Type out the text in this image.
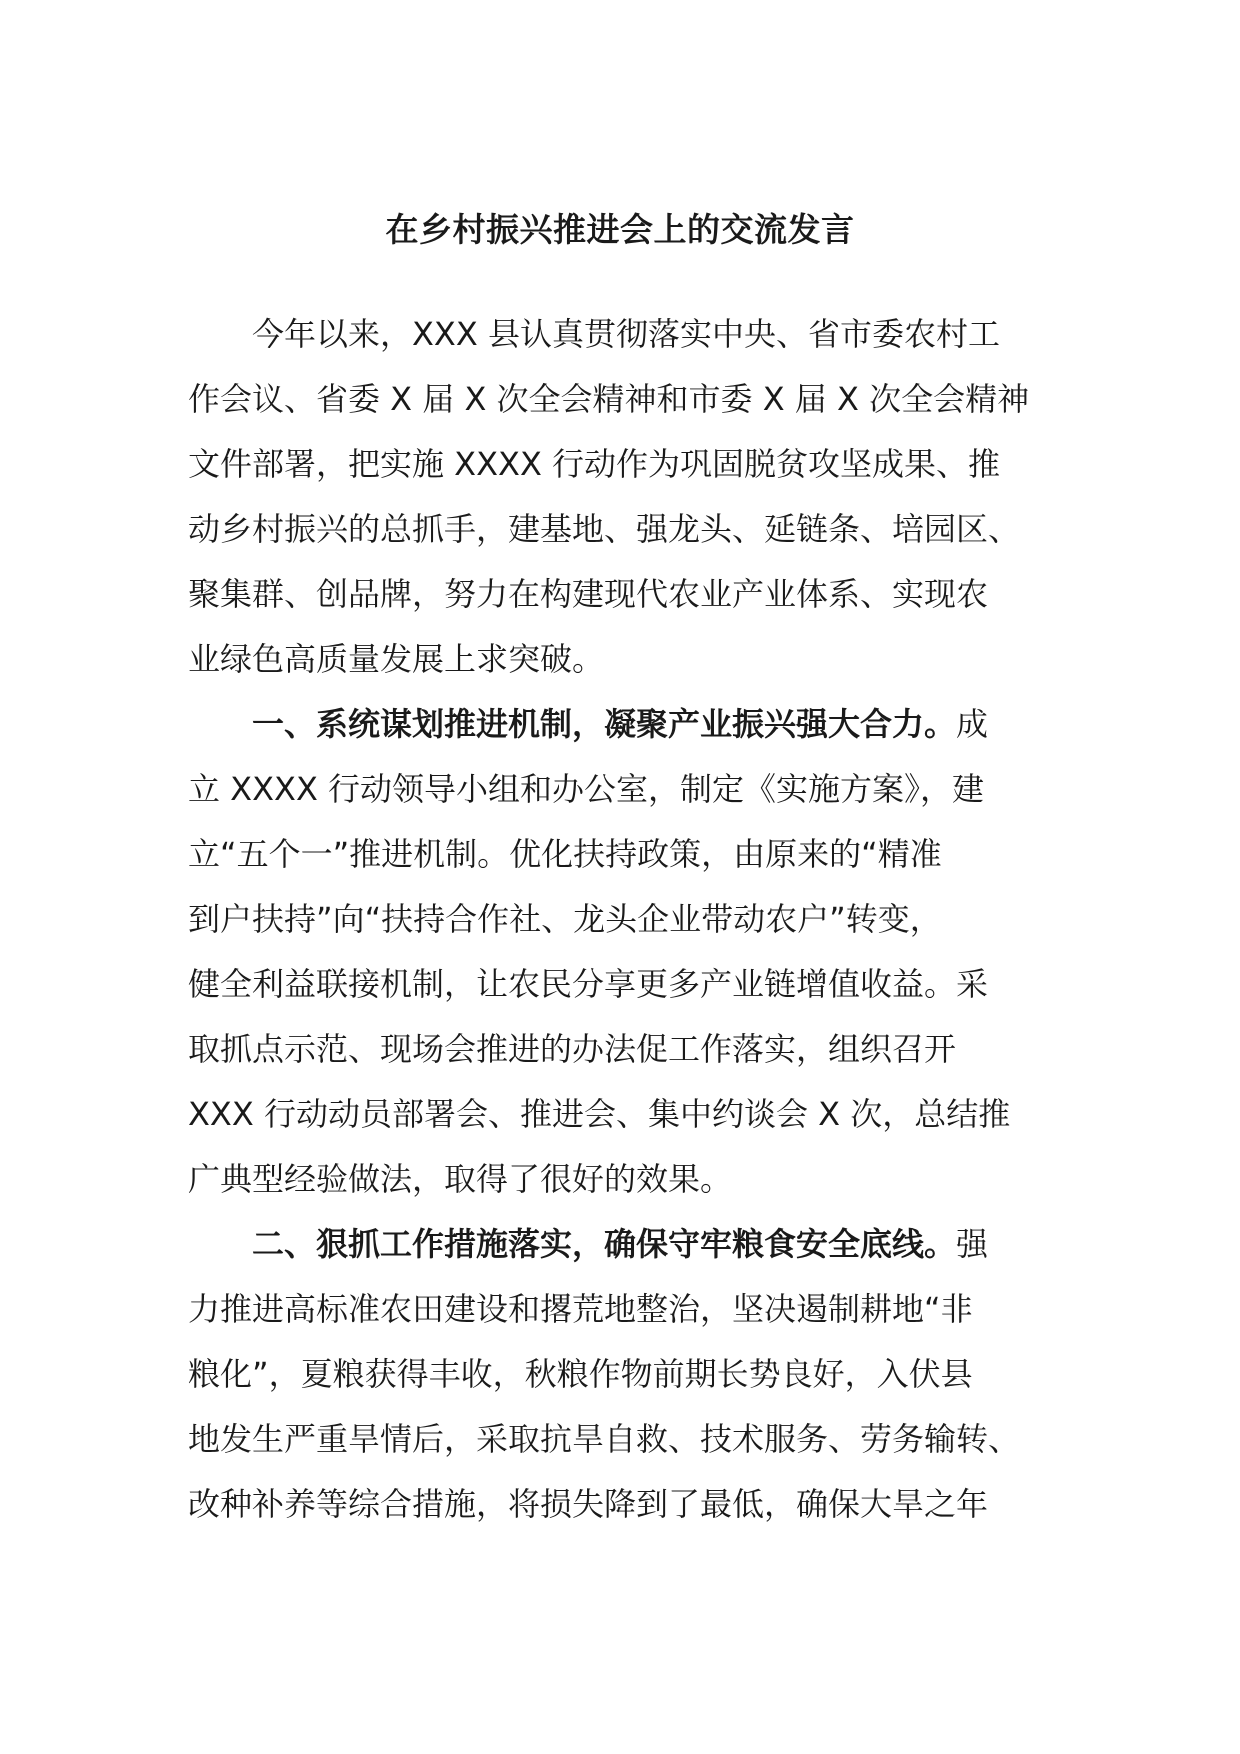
在乡村振兴推进会上的交流发言

今年以来，XXX 县认真贯彻落实中央、省市委农村工
作会议、省委 X 届 X 次全会精神和市委 X 届 X 次全会精神
文件部署，把实施 XXXX 行动作为巩固脱贫攻坚成果、推
动乡村振兴的总抓手，建基地、强龙头、延链条、培园区、
聚集群、创品牌，努力在构建现代农业产业体系、实现农
业绿色高质量发展上求突破。

一、系统谋划推进机制，凝聚产业振兴强大合力。成
立 XXXX 行动领导小组和办公室，制定《实施方案》，建
立“五个一”推进机制。优化扶持政策，由原来的“精准
到户扶持”向“扶持合作社、龙头企业带动农户”转变，
健全利益联接机制，让农民分享更多产业链增值收益。采
取抓点示范、现场会推进的办法促工作落实，组织召开
XXX 行动动员部署会、推进会、集中约谈会 X 次，总结推
广典型经验做法，取得了很好的效果。

二、狠抓工作措施落实，确保守牢粮食安全底线。强
力推进高标准农田建设和撂荒地整治，坚决遏制耕地“非
粮化”，夏粮获得丰收，秋粮作物前期长势良好，入伏县
地发生严重旱情后，采取抗旱自救、技术服务、劳务输转、
改种补养等综合措施，将损失降到了最低，确保大旱之年
